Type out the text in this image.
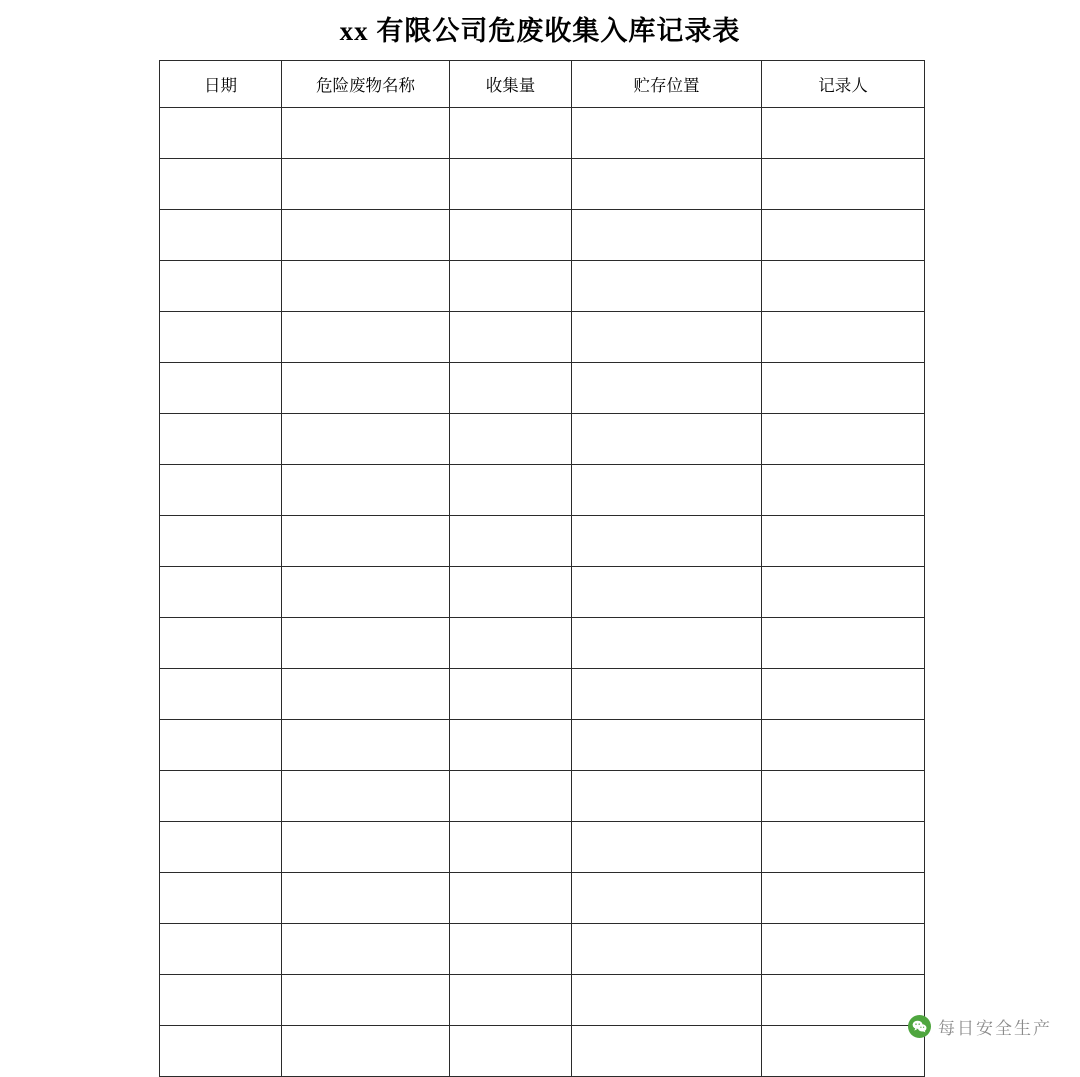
xx 有限公司危废收集入库记录表
日期	危险废物名称	收集量	贮存位置	记录人

每日安全生产
